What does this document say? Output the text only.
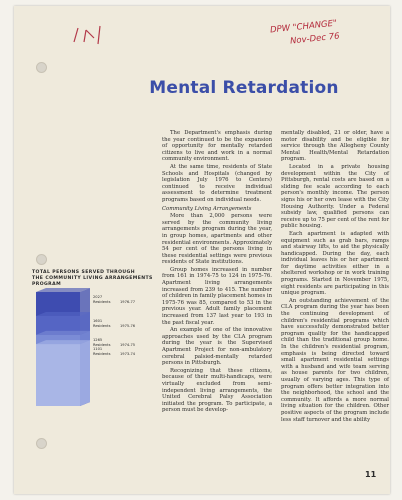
DPW "CHANGE"
Nov-Dec 76
Mental Retardation

The Department's emphasis during the year continued to be the expansion of opportunity for mentally retarded citizens to live and work in a normal community environment.

At the same time, residents of State Schools and Hospitals (changed by legislation July 1976 to Centers) continued to receive individual assessment to determine treatment programs based on individual needs.

Community Living Arrangements

More than 2,000 persons were served by the community living arrangements program during the year, in group homes, apartments and other residential environments. Approximately 54 per cent of the persons living in these residential settings were previous residents of State institutions.

Group homes increased in number from 161 in 1974-75 to 124 in 1975-76. Apartment living arrangements increased from 239 to 415. The number of children in family placement homes in 1975-76 was 85, compared to 53 in the previous year. Adult family placement increased from 137 last year to 193 in the past fiscal year.

An example of one of the innovative approaches used by the CLA program during the year is the Supervised Apartment Project for non-ambulatory cerebral palsied-mentally retarded persons in Pittsburgh.

Recognizing that these citizens, because of their multi-handicaps, were virtually excluded from semi-independent living arrangements, the United Cerebral Palsy Association initiated the program. To participate, a person must be develop-

mentally disabled, 21 or older, have a motor disability and be eligible for service through the Allegheny County Mental Health/Mental Retardation program.

Located in a private housing development within the City of Pittsburgh, rental costs are based on a sliding fee scale according to each person's monthly income. The person signs his or her own lease with the City Housing Authority. Under a Federal subsidy law, qualified persons can receive up to 75 per cent of the rent for public housing.

Each apartment is adapted with equipment such as grab bars, ramps and stairway lifts, to aid the physically handicapped. During the day, each individual leaves his or her apartment for daytime activities either in a sheltered workshop or in work training programs. Started in November 1975, eight residents are participating in this unique program.

An outstanding achievement of the CLA program during the year has been the continuing development of children's residential programs which have successfully demonstrated better program quality for the handicapped child than the traditional group home. In the children's residential program, emphasis is being directed toward small apartment residential settings with a husband and wife team serving as house parents for two children, usually of varying ages. This type of program offers better integration into the neighborhood, the school and the community. It affords a more normal living situation for the children. Other positive aspects of the program include less staff turnover and the ability

TOTAL PERSONS SERVED THROUGH
THE COMMUNITY LIVING ARRANGEMENTS PROGRAM
2027
Residents	1976-77
1601
Residents	1975-76
1265
Residents	1974-75
1101
Residents	1973-74
11
